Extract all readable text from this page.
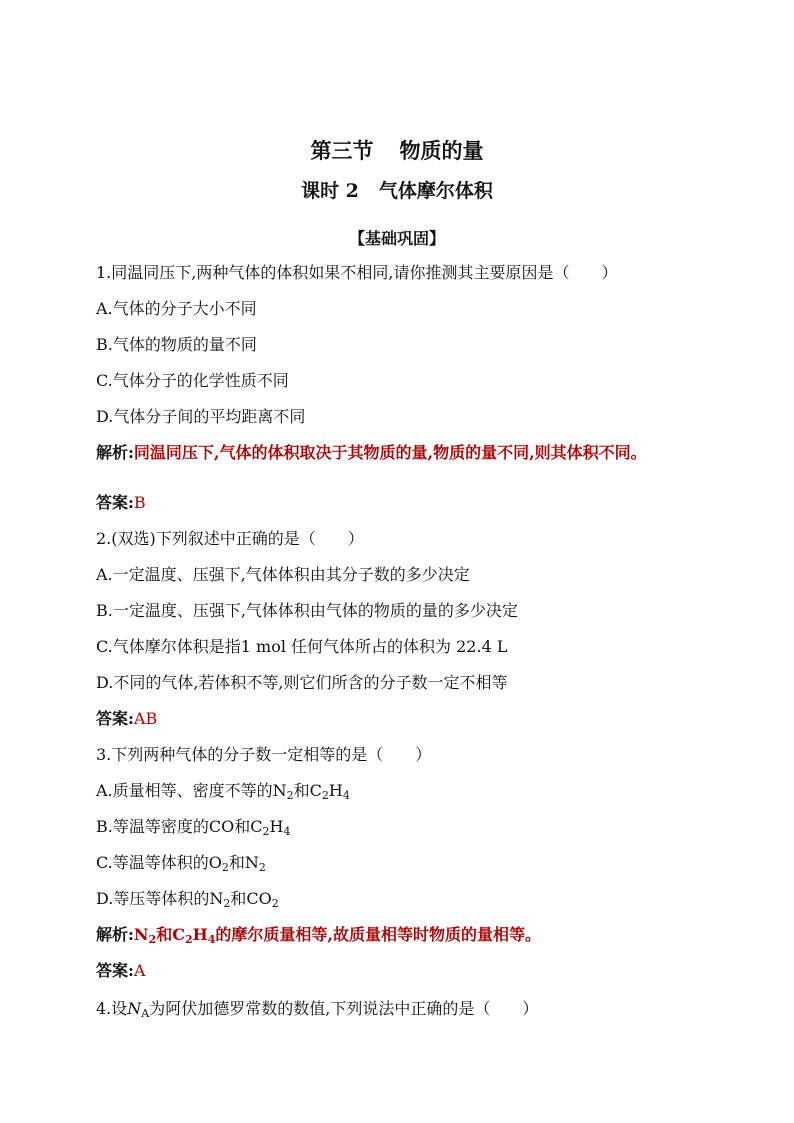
第三节 物质的量
课时 2 气体摩尔体积
【基础巩固】
1.同温同压下,两种气体的体积如果不相同,请你推测其主要原因是（　　）
A.气体的分子大小不同
B.气体的物质的量不同
C.气体分子的化学性质不同
D.气体分子间的平均距离不同
解析:同温同压下,气体的体积取决于其物质的量,物质的量不同,则其体积不同。
答案:B
2.(双选)下列叙述中正确的是（　　）
A.一定温度、压强下,气体体积由其分子数的多少决定
B.一定温度、压强下,气体体积由气体的物质的量的多少决定
C.气体摩尔体积是指1 mol 任何气体所占的体积为 22.4 L
D.不同的气体,若体积不等,则它们所含的分子数一定不相等
答案:AB
3.下列两种气体的分子数一定相等的是（　　）
A.质量相等、密度不等的$N_2$和$C_2H_4$
B.等温等密度的CO和$C_2H_4$
C.等温等体积的$O_2$和$N_2$
D.等压等体积的$N_2$和$CO_2$
解析$:N_2$和$C_2H_4$的摩尔质量相等,故质量相等时物质的量相等。
答案:A
4.设$N_A$为阿伏加德罗常数的数值,下列说法中正确的是（　　）
